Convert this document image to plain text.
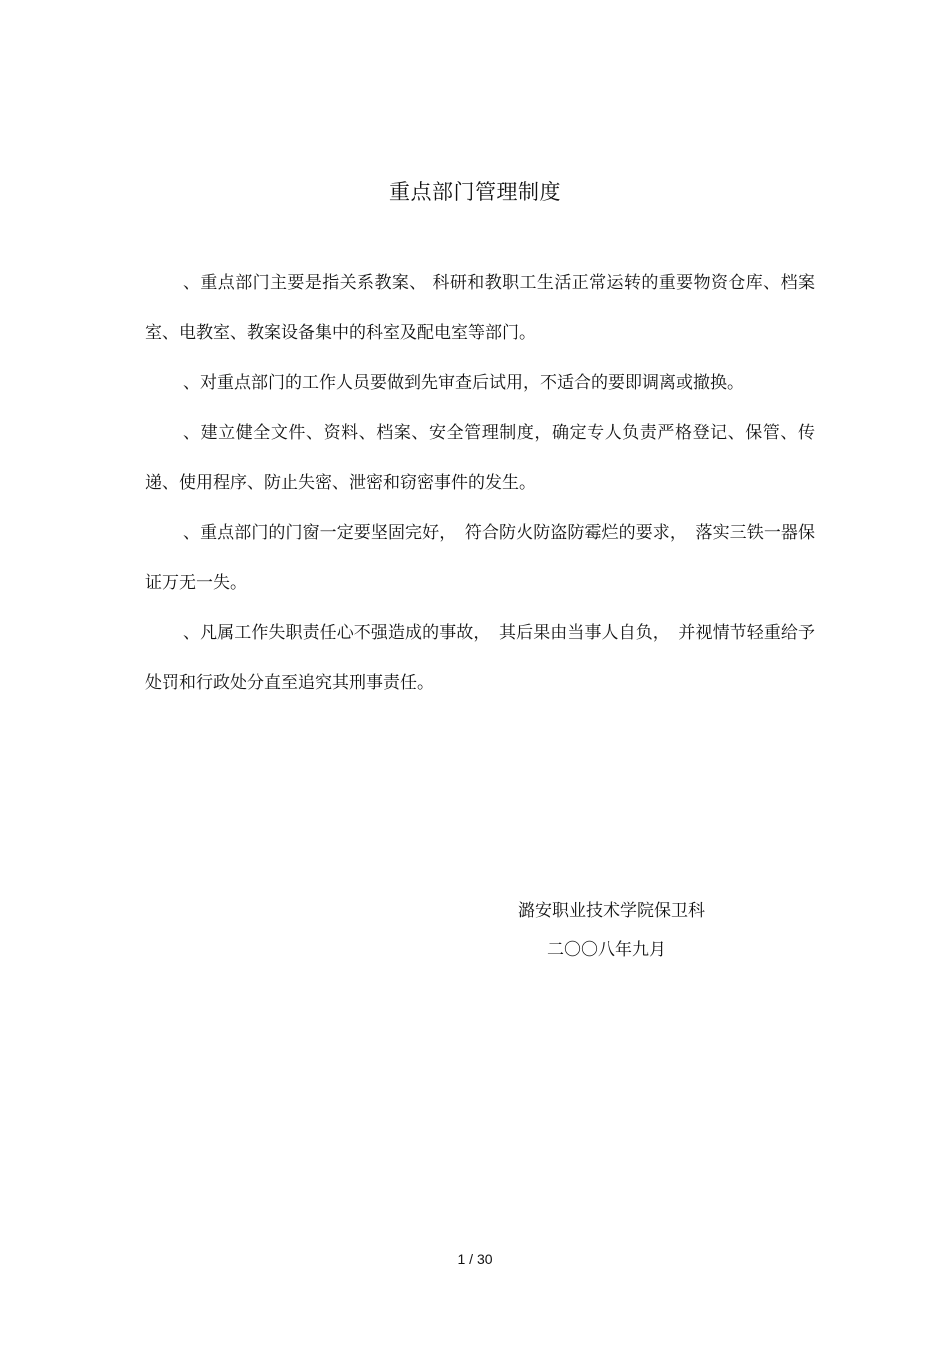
重点部门管理制度

、重点部门主要是指关系教案、 科研和教职工生活正常运转的重要物资仓库、档案室、电教室、教案设备集中的科室及配电室等部门。

、对重点部门的工作人员要做到先审查后试用，不适合的要即调离或撤换。

、建立健全文件、资料、档案、安全管理制度，确定专人负责严格登记、保管、传递、使用程序、防止失密、泄密和窃密事件的发生。

、重点部门的门窗一定要坚固完好，　符合防火防盗防霉烂的要求，　落实三铁一器保证万无一失。

、凡属工作失职责任心不强造成的事故，　其后果由当事人自负，　并视情节轻重给予处罚和行政处分直至追究其刑事责任。

潞安职业技术学院保卫科
二〇〇八年九月
1 / 30
